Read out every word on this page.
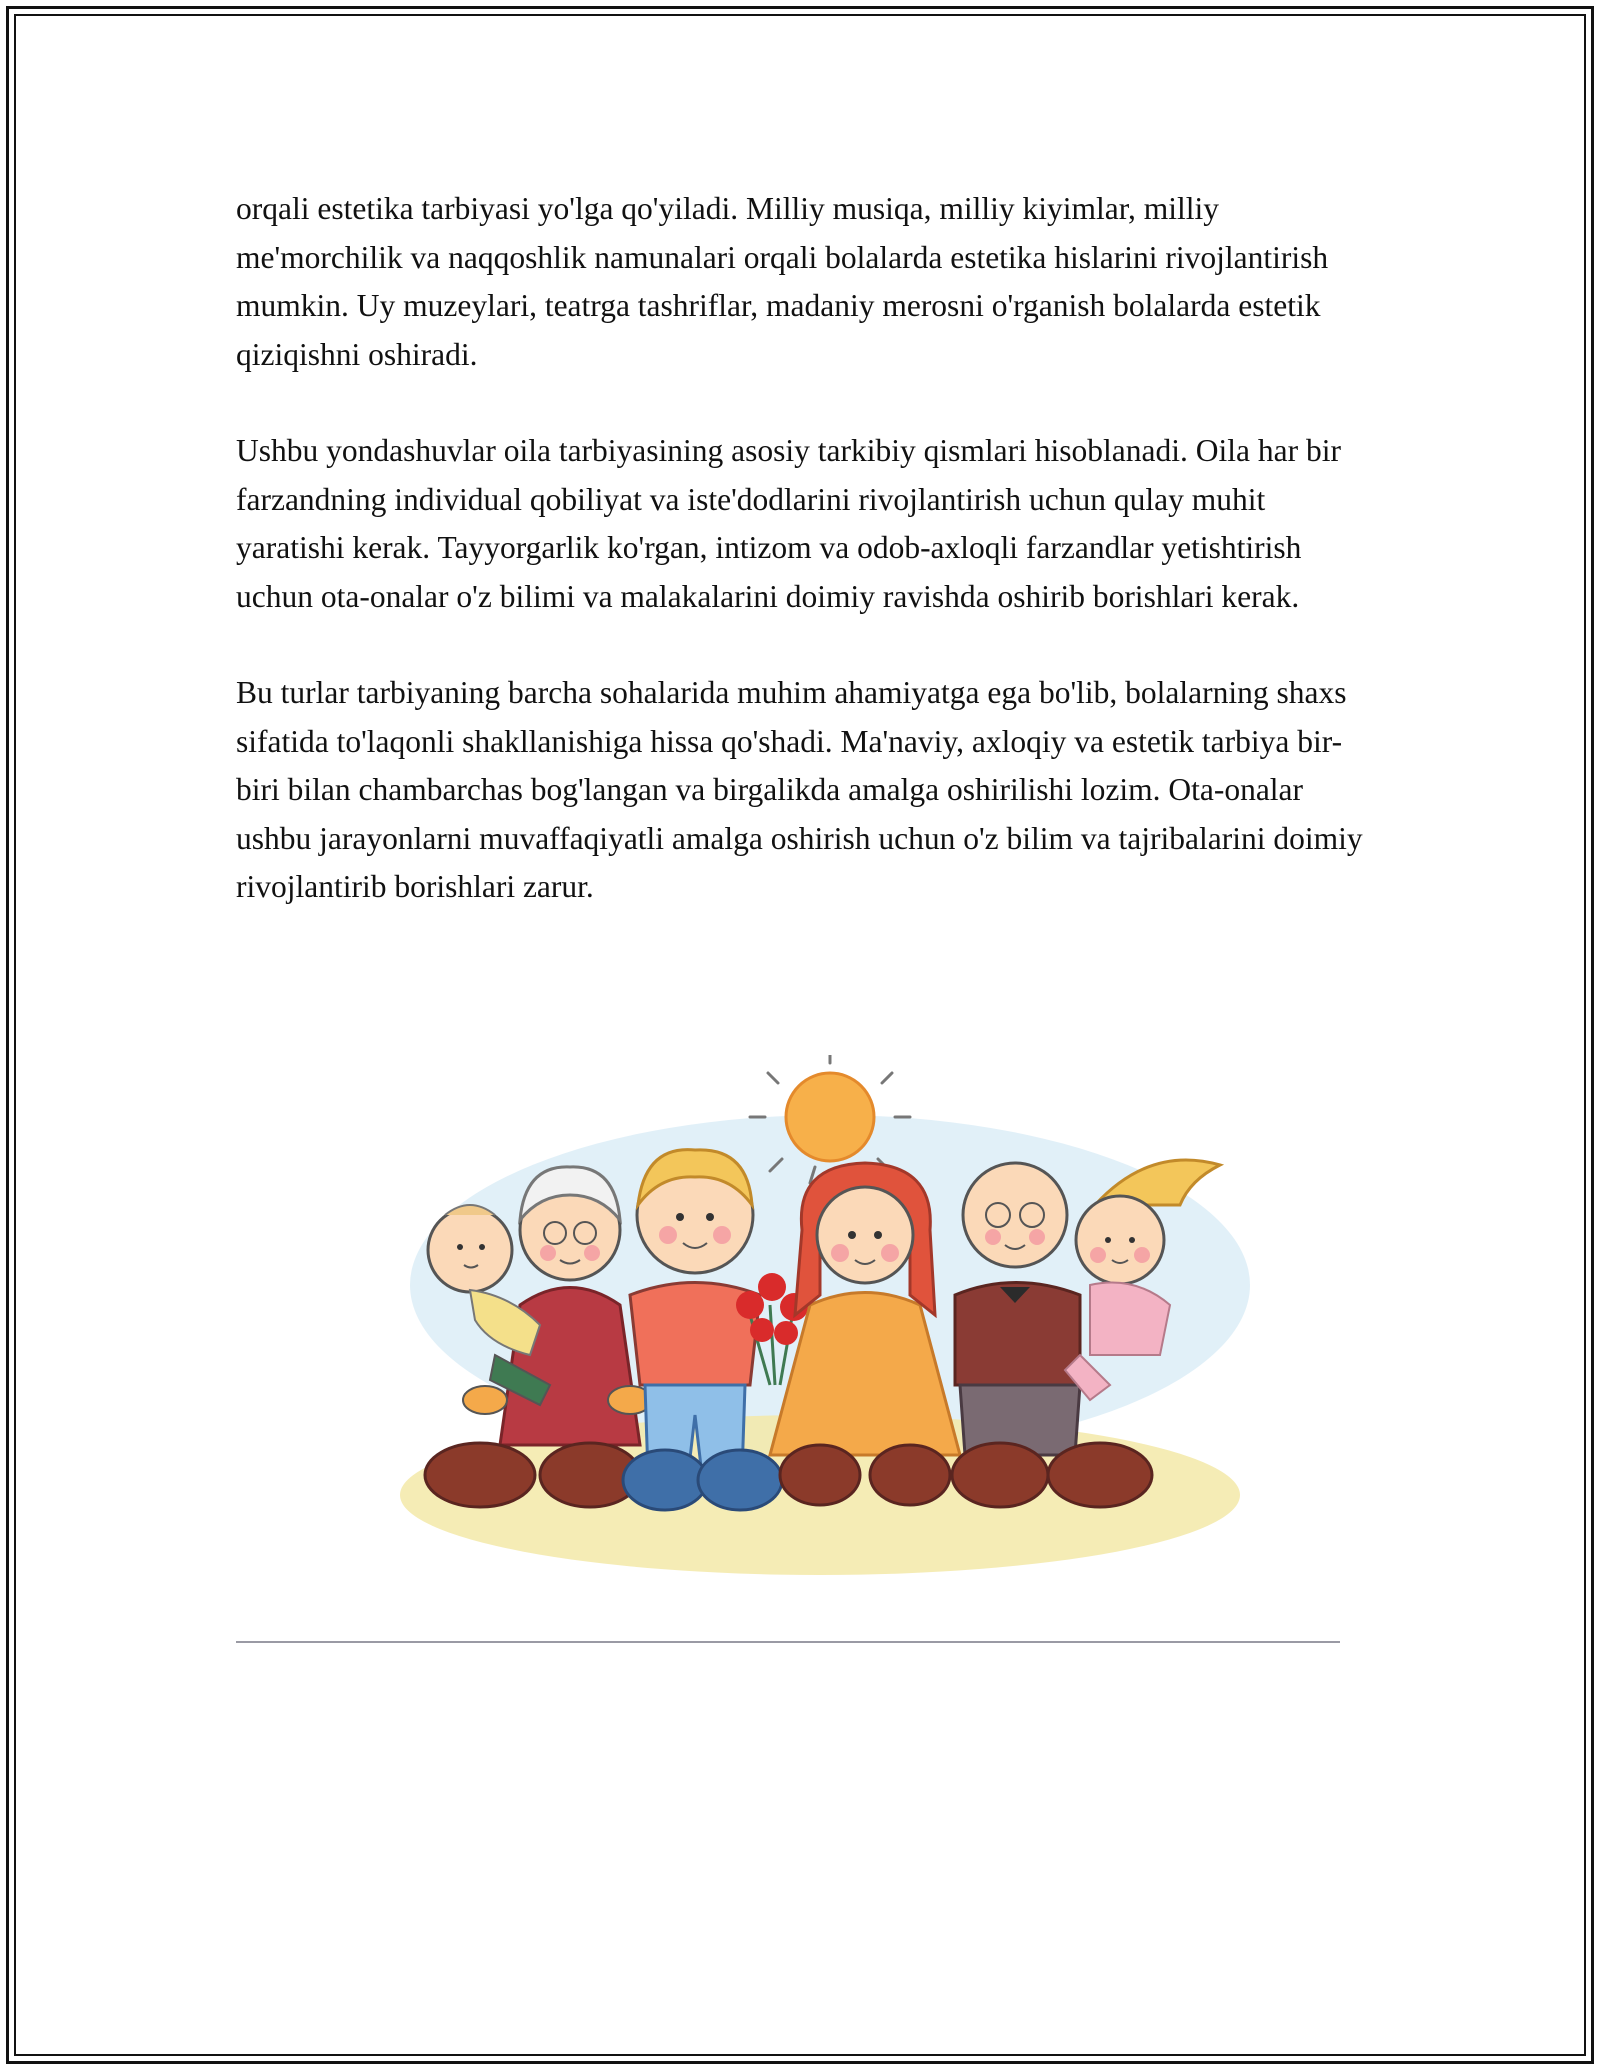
orqali estetika tarbiyasi yo'lga qo'yiladi. Milliy musiqa, milliy kiyimlar, milliy me'morchilik va naqqoshlik namunalari orqali bolalarda estetika hislarini rivojlantirish mumkin. Uy muzeylari, teatrga tashriflar, madaniy merosni o'rganish bolalarda estetik qiziqishni oshiradi.

Ushbu yondashuvlar oila tarbiyasining asosiy tarkibiy qismlari hisoblanadi. Oila har bir farzandning individual qobiliyat va iste'dodlarini rivojlantirish uchun qulay muhit yaratishi kerak. Tayyorgarlik ko'rgan, intizom va odob-axloqli farzandlar yetishtirish uchun ota-onalar o'z bilimi va malakalarini doimiy ravishda oshirib borishlari kerak.

Bu turlar tarbiyaning barcha sohalarida muhim ahamiyatga ega bo'lib, bolalarning shaxs sifatida to'laqonli shakllanishiga hissa qo'shadi. Ma'naviy, axloqiy va estetik tarbiya bir-biri bilan chambarchas bog'langan va birgalikda amalga oshirilishi lozim. Ota-onalar ushbu jarayonlarni muvaffaqiyatli amalga oshirish uchun o'z bilim va tajribalarini doimiy rivojlantirib borishlari zarur.
